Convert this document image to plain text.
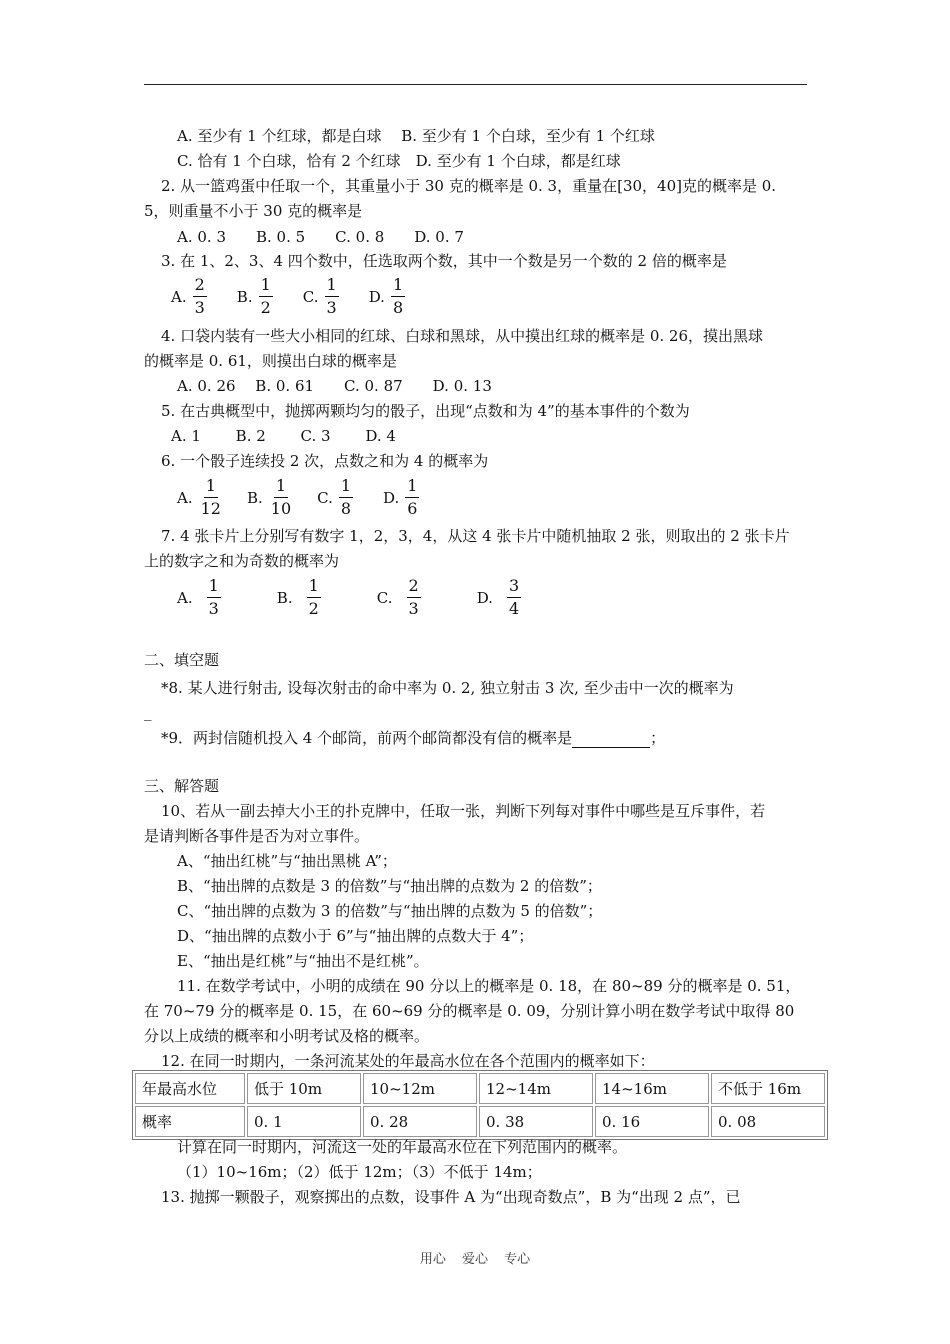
A. 至少有 1 个红球，都是白球　 B. 至少有 1 个白球，至少有 1 个红球
C. 恰有 1 个白球，恰有 2 个红球　D. 至少有 1 个白球，都是红球
2. 从一篮鸡蛋中任取一个，其重量小于 30 克的概率是 0. 3，重量在[30，40]克的概率是 0.
5，则重量不小于 30 克的概率是
A. 0. 3　　B. 0. 5　　C. 0. 8　　D. 0. 7
3. 在 1、2、3、4 四个数中，任选取两个数，其中一个数是另一个数的 2 倍的概率是
A. $\frac{2}{3} B$. $\frac{1}{2} C$. $\frac{1}{3} D$. $\frac{1}{8}$
4. 口袋内装有一些大小相同的红球、白球和黑球，从中摸出红球的概率是 0. 26，摸出黑球
的概率是 0. 61，则摸出白球的概率是
A. 0. 26　 B. 0. 61　　C. 0. 87　　D. 0. 13
5. 在古典概型中，抛掷两颗均匀的骰子，出现“点数和为 4”的基本事件的个数为
A. 1　　 B. 2　　 C. 3　　 D. 4
6. 一个骰子连续投 2 次，点数之和为 4 的概率为
A. $\frac{1}{12} B$. $\frac{1}{10} C$. $\frac{1}{8} D$. $\frac{1}{6}$
7. 4 张卡片上分别写有数字 1，2，3，4，从这 4 张卡片中随机抽取 2 张，则取出的 2 张卡片
上的数字之和为奇数的概率为
A. $\frac{1}{3}$	B. $\frac{1}{2}$	C. $\frac{2}{3}$	D. $\frac{3}{4}$
二、填空题
*8. 某人进行射击, 设每次射击的命中率为 0. 2, 独立射击 3 次, 至少击中一次的概率为
_
*9．两封信随机投入 4 个邮筒，前两个邮筒都没有信的概率是	；
三、解答题
10、若从一副去掉大小王的扑克牌中，任取一张，判断下列每对事件中哪些是互斥事件，若
是请判断各事件是否为对立事件。
A、“抽出红桃”与“抽出黑桃 A”；
B、“抽出牌的点数是 3 的倍数”与“抽出牌的点数为 2 的倍数”；
C、“抽出牌的点数为 3 的倍数”与“抽出牌的点数为 5 的倍数”；
D、“抽出牌的点数小于 6”与“抽出牌的点数大于 4”；
E、“抽出是红桃”与“抽出不是红桃”。
11. 在数学考试中，小明的成绩在 90 分以上的概率是 0. 18，在 80~89 分的概率是 0. 51，
在 70~79 分的概率是 0. 15，在 60~69 分的概率是 0. 09，分别计算小明在数学考试中取得 80
分以上成绩的概率和小明考试及格的概率。
12. 在同一时期内，一条河流某处的年最高水位在各个范围内的概率如下：
年最高水位	低于 10m	10~12m	12~14m	14~16m	不低于 16m
概率	0. 1	0. 28	0. 38	0. 16	0. 08
计算在同一时期内，河流这一处的年最高水位在下列范围内的概率。
（1）10~16m；（2）低于 12m；（3）不低于 14m；
13. 抛掷一颗骰子，观察掷出的点数，设事件 A 为“出现奇数点”，B 为“出现 2 点”，已
用心 爱心 专心
